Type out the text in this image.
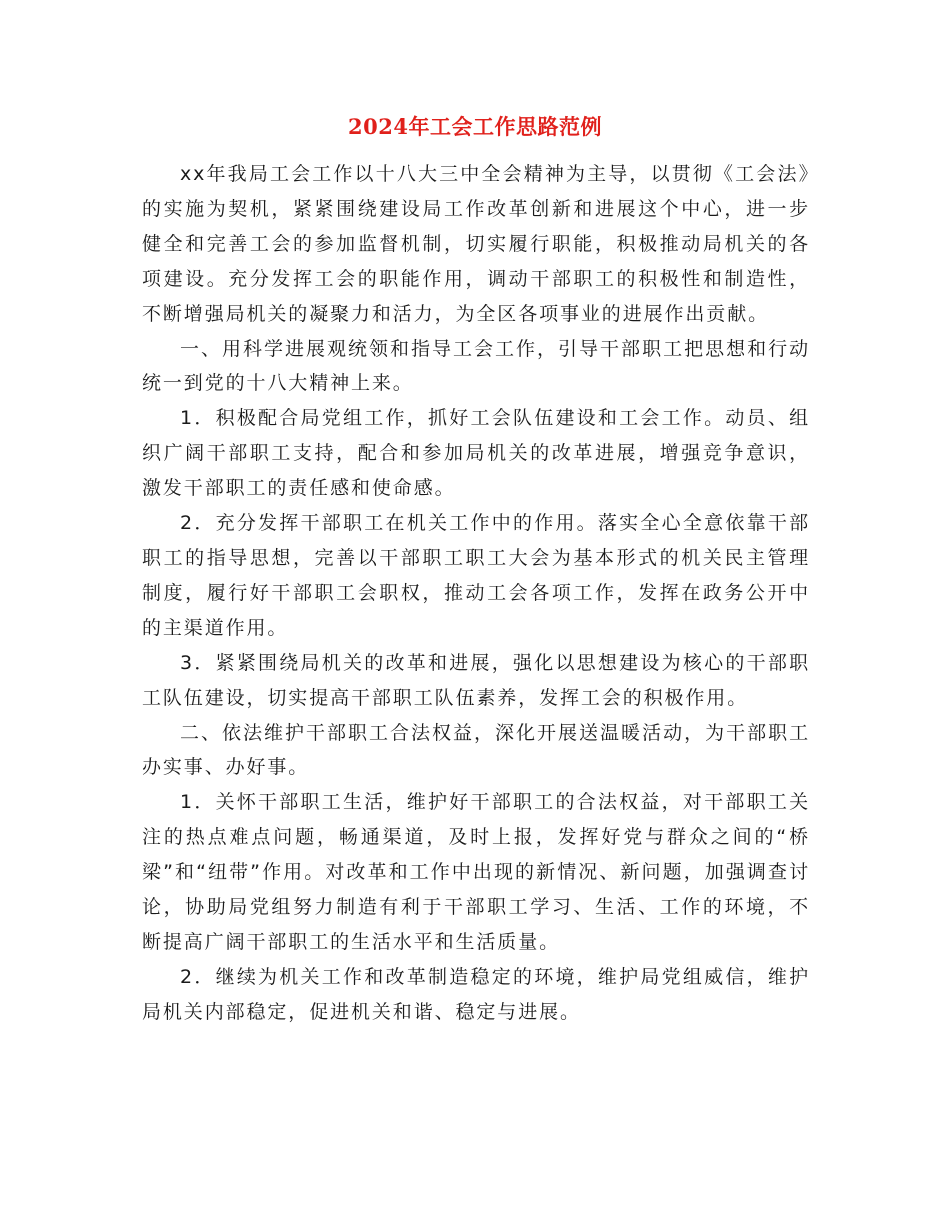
2024年工会工作思路范例

xx年我局工会工作以十八大三中全会精神为主导，以贯彻《工会法》的实施为契机，紧紧围绕建设局工作改革创新和进展这个中心，进一步健全和完善工会的参加监督机制，切实履行职能，积极推动局机关的各项建设。充分发挥工会的职能作用，调动干部职工的积极性和制造性，不断增强局机关的凝聚力和活力，为全区各项事业的进展作出贡献。

一、用科学进展观统领和指导工会工作，引导干部职工把思想和行动统一到党的十八大精神上来。

1．积极配合局党组工作，抓好工会队伍建设和工会工作。动员、组织广阔干部职工支持，配合和参加局机关的改革进展，增强竞争意识，激发干部职工的责任感和使命感。

2．充分发挥干部职工在机关工作中的作用。落实全心全意依靠干部职工的指导思想，完善以干部职工职工大会为基本形式的机关民主管理制度，履行好干部职工会职权，推动工会各项工作，发挥在政务公开中的主渠道作用。

3．紧紧围绕局机关的改革和进展，强化以思想建设为核心的干部职工队伍建设，切实提高干部职工队伍素养，发挥工会的积极作用。

二、依法维护干部职工合法权益，深化开展送温暖活动，为干部职工办实事、办好事。

1．关怀干部职工生活，维护好干部职工的合法权益，对干部职工关注的热点难点问题，畅通渠道，及时上报，发挥好党与群众之间的“桥梁”和“纽带”作用。对改革和工作中出现的新情况、新问题，加强调查讨论，协助局党组努力制造有利于干部职工学习、生活、工作的环境，不断提高广阔干部职工的生活水平和生活质量。

2．继续为机关工作和改革制造稳定的环境，维护局党组威信，维护局机关内部稳定，促进机关和谐、稳定与进展。
